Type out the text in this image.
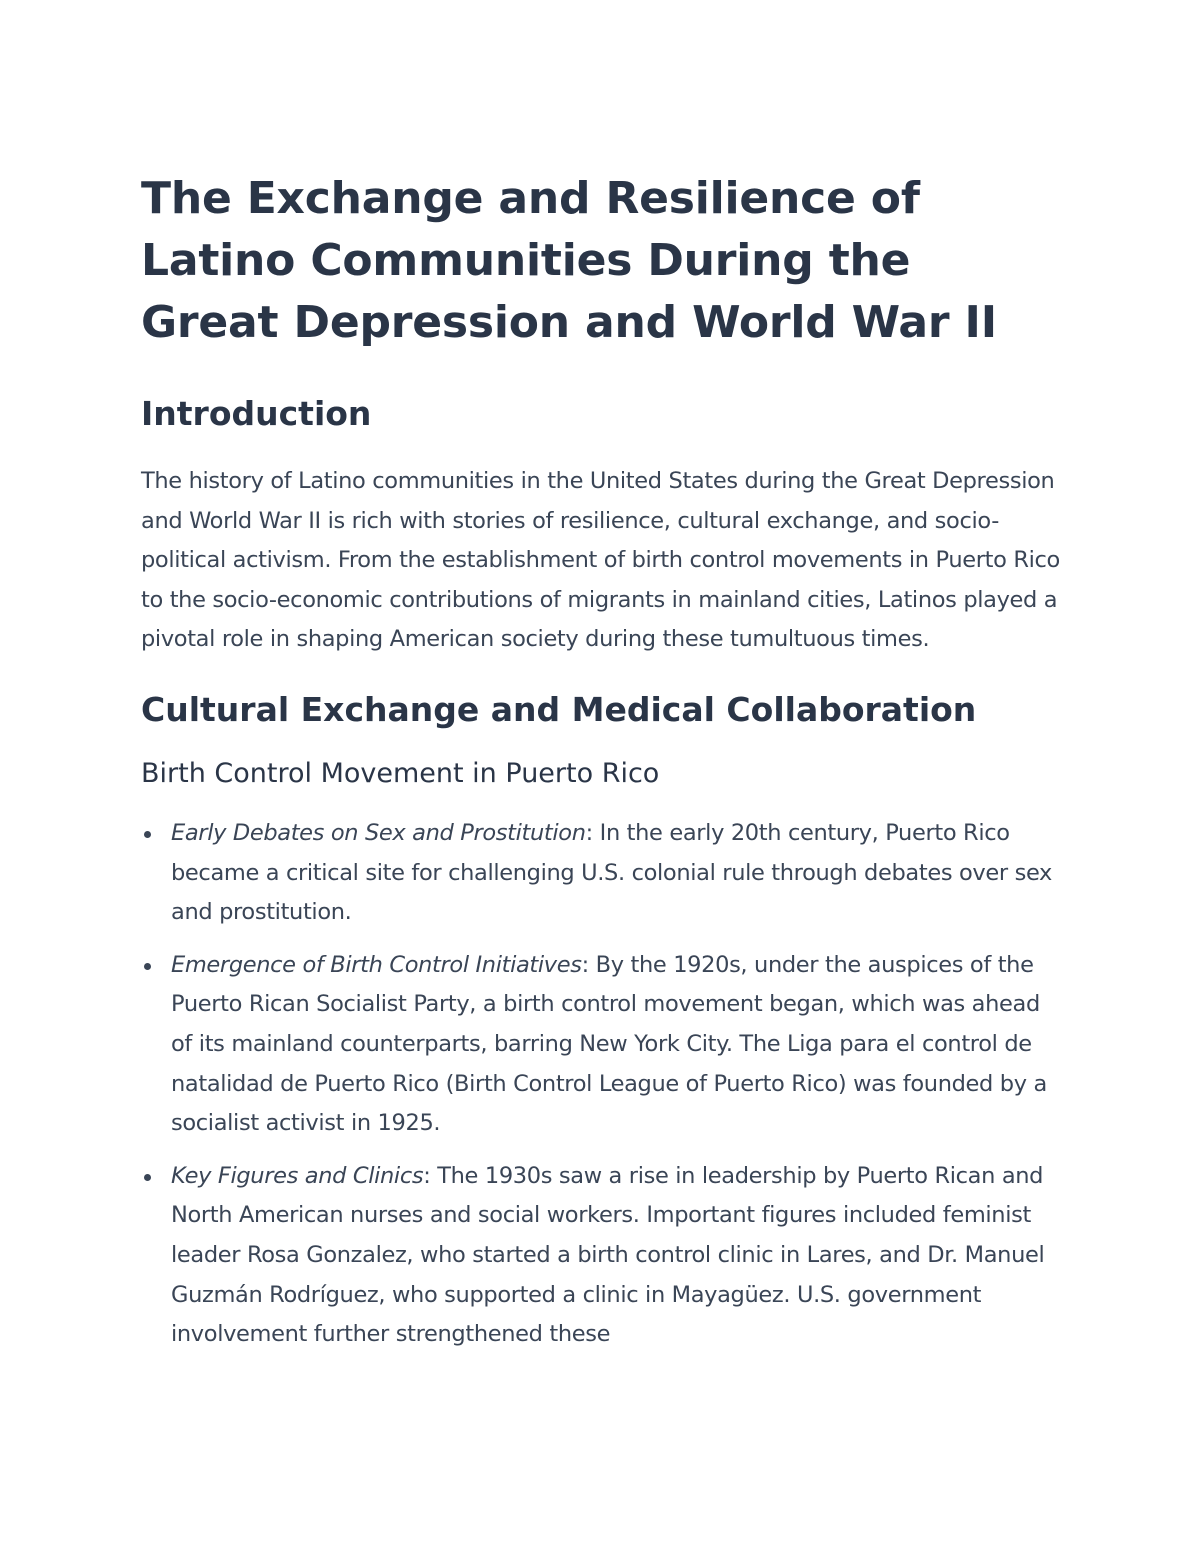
The Exchange and Resilience of Latino Communities During the Great Depression and World War II
Introduction

The history of Latino communities in the United States during the Great Depression and World War II is rich with stories of resilience, cultural exchange, and socio-political activism. From the establishment of birth control movements in Puerto Rico to the socio-economic contributions of migrants in mainland cities, Latinos played a pivotal role in shaping American society during these tumultuous times.

Cultural Exchange and Medical Collaboration
Birth Control Movement in Puerto Rico
Early Debates on Sex and Prostitution: In the early 20th century, Puerto Rico became a critical site for challenging U.S. colonial rule through debates over sex and prostitution.
Emergence of Birth Control Initiatives: By the 1920s, under the auspices of the Puerto Rican Socialist Party, a birth control movement began, which was ahead of its mainland counterparts, barring New York City. The Liga para el control de natalidad de Puerto Rico (Birth Control League of Puerto Rico) was founded by a socialist activist in 1925.
Key Figures and Clinics: The 1930s saw a rise in leadership by Puerto Rican and North American nurses and social workers. Important figures included feminist leader Rosa Gonzalez, who started a birth control clinic in Lares, and Dr. Manuel Guzmán Rodríguez, who supported a clinic in Mayagüez. U.S. government involvement further strengthened these
